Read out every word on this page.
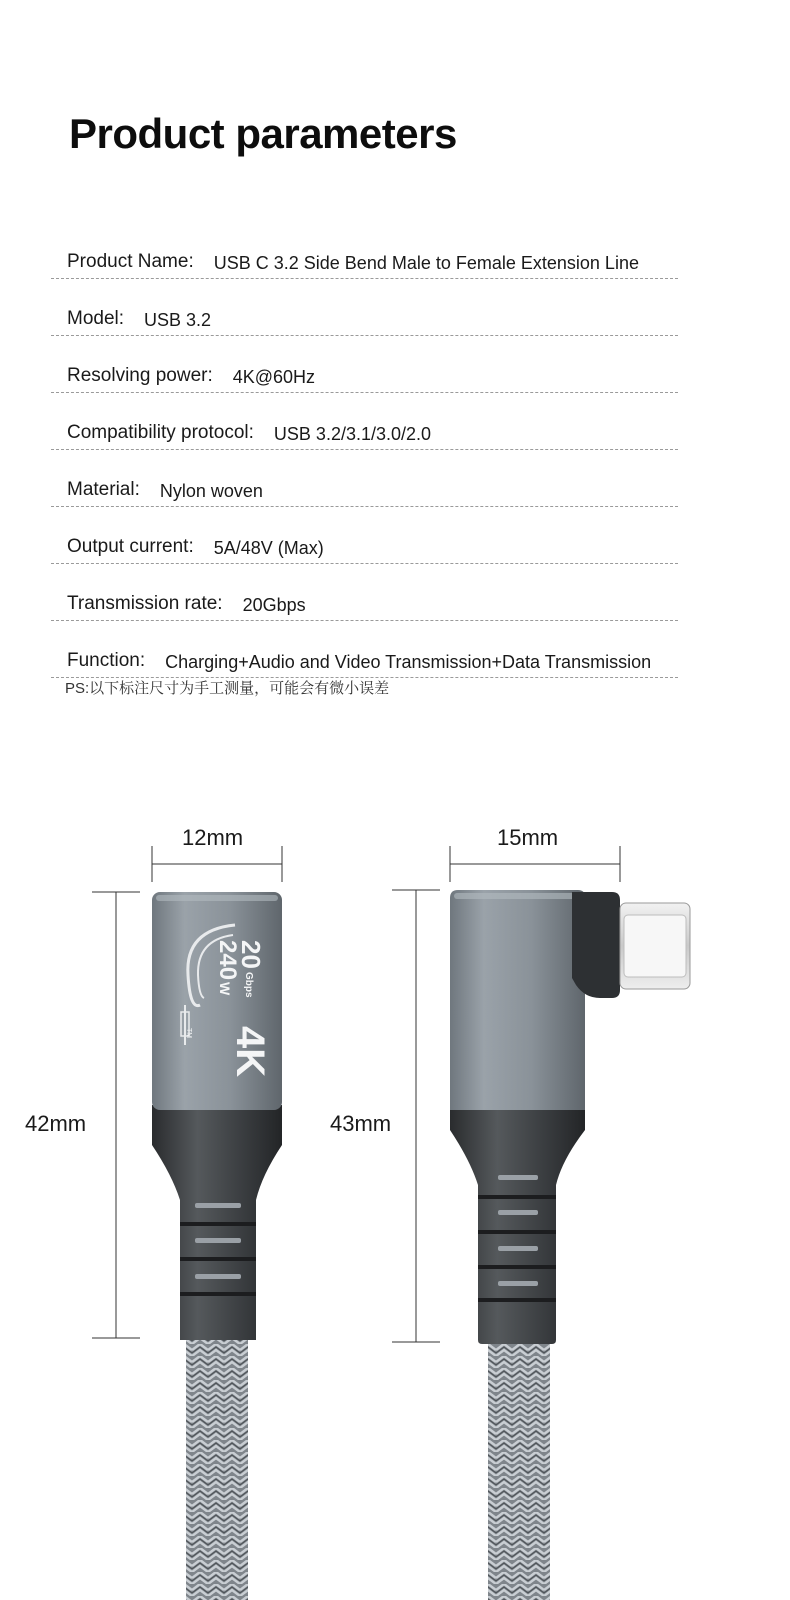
Product parameters
Product Name: USB C 3.2 Side Bend Male to Female Extension Line
Model: USB 3.2
Resolving power: 4K@60Hz
Compatibility protocol: USB 3.2/3.1/3.0/2.0
Material: Nylon woven
Output current: 5A/48V (Max)
Transmission rate: 20Gbps
Function: Charging+Audio and Video Transmission+Data Transmission
PS:以下标注尺寸为手工测量，可能会有微小误差
12mm
42mm
15mm
43mm
20
Gbps
240
W
4K
TM
